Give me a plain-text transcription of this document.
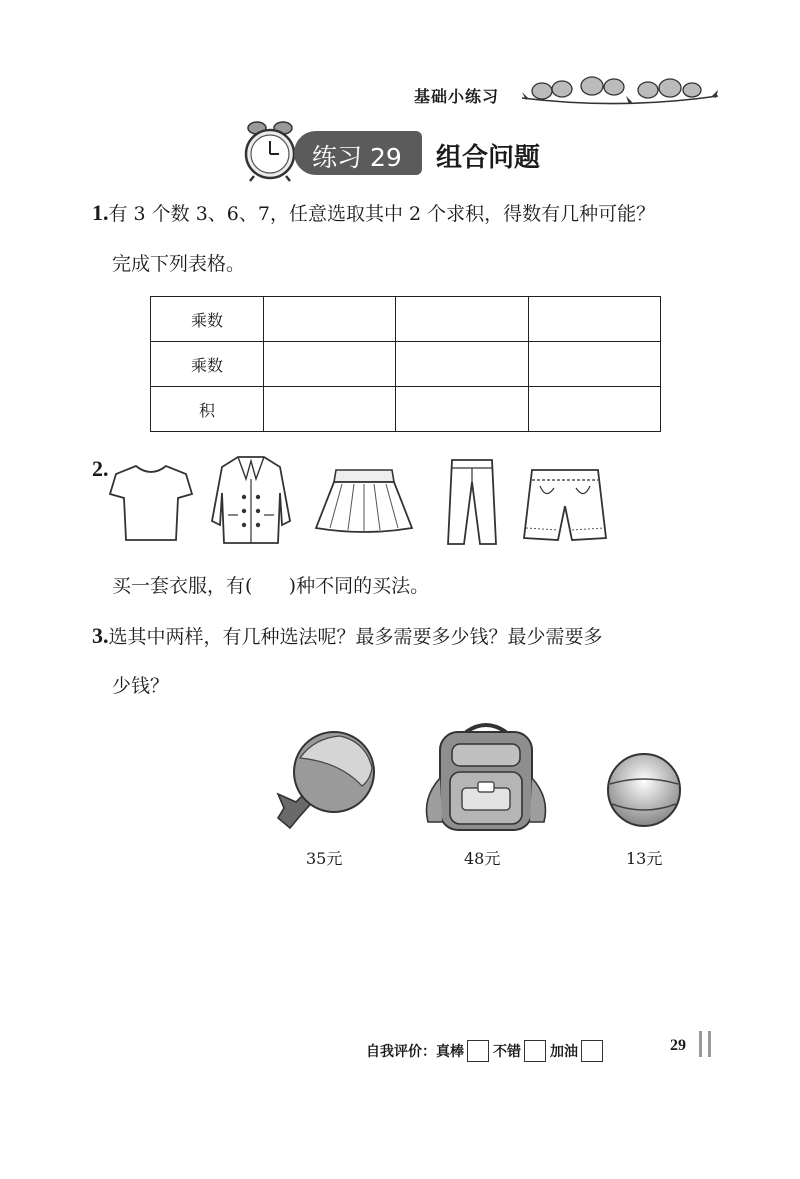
基础小练习
练习 29 组合问题
1.有 3 个数 3、6、7，任意选取其中 2 个求积，得数有几种可能？
完成下列表格。
乘数			
乘数			
积			
2.
买一套衣服，有(      )种不同的买法。
3.选其中两样，有几种选法呢？最多需要多少钱？最少需要多
少钱？
35元	48元	13元
自我评价： 真棒 不错 加油	29
